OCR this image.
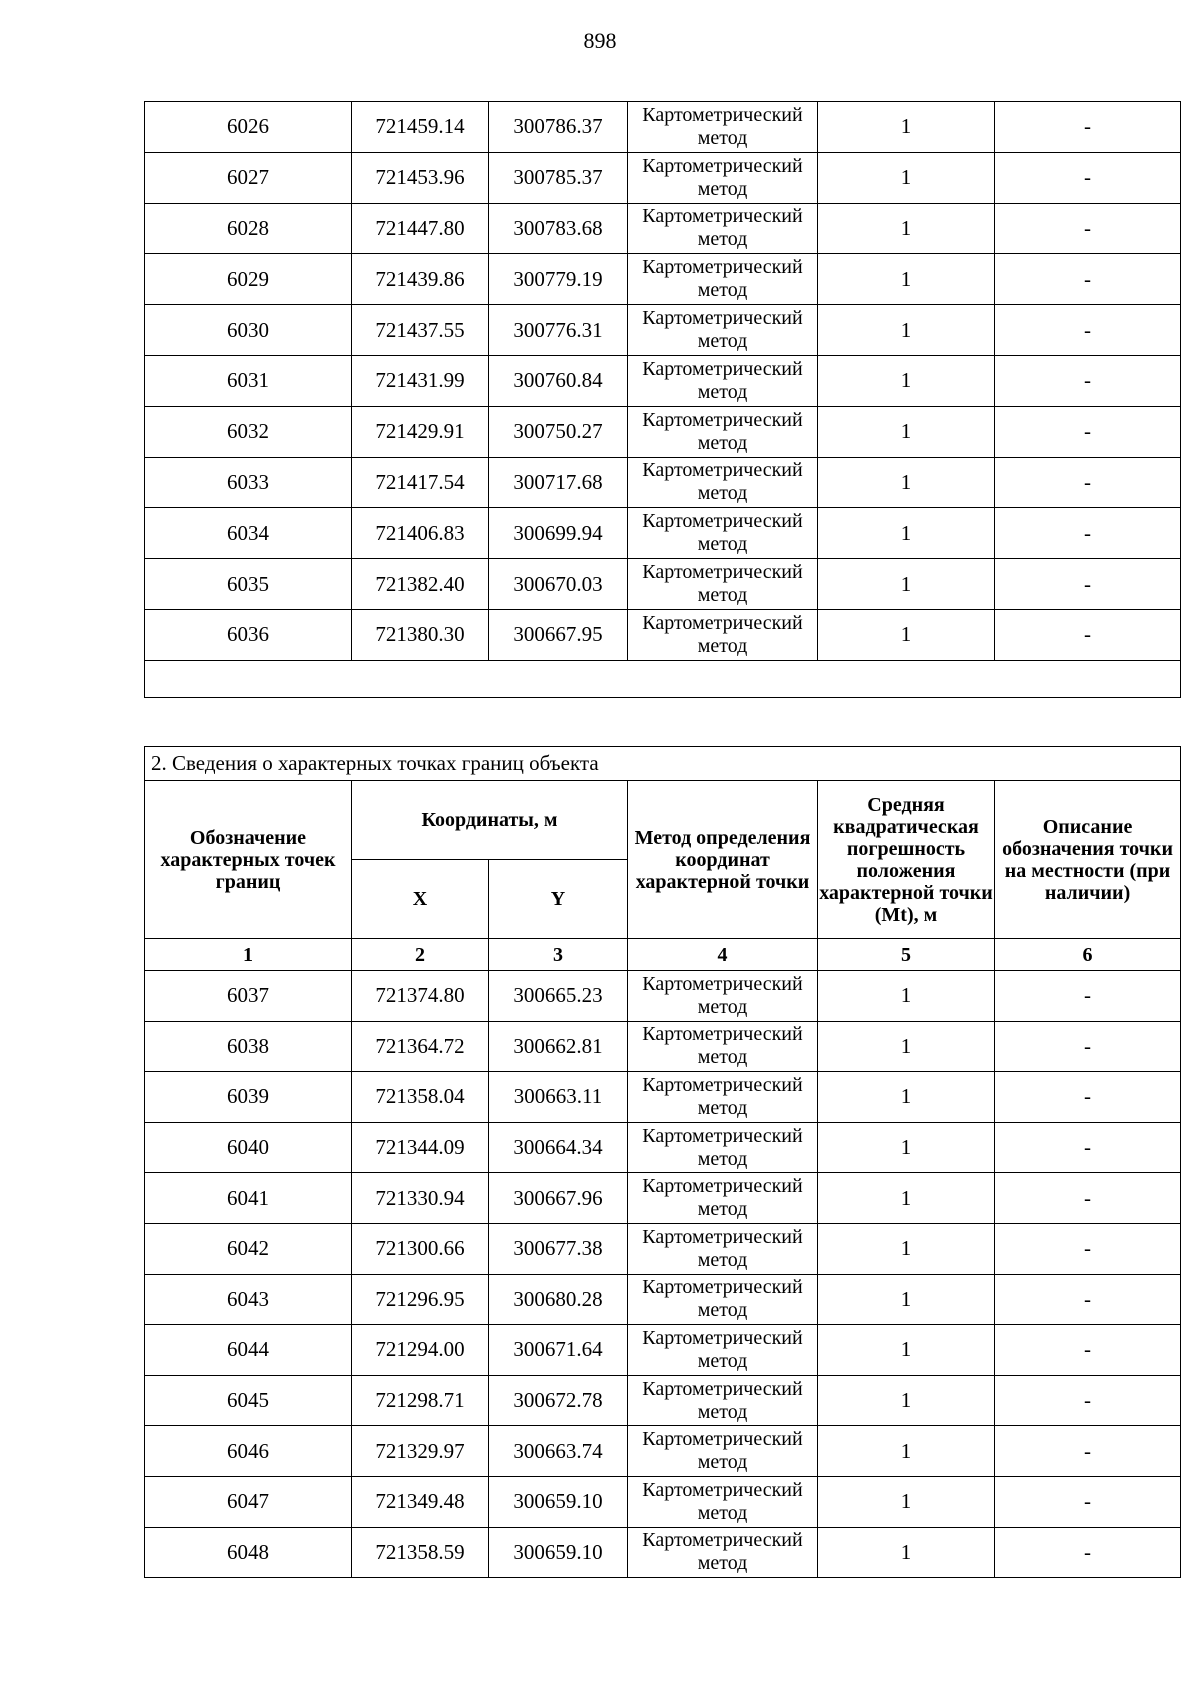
898
6026	721459.14	300786.37	Картометрический метод	1	-
6027	721453.96	300785.37	Картометрический метод	1	-
6028	721447.80	300783.68	Картометрический метод	1	-
6029	721439.86	300779.19	Картометрический метод	1	-
6030	721437.55	300776.31	Картометрический метод	1	-
6031	721431.99	300760.84	Картометрический метод	1	-
6032	721429.91	300750.27	Картометрический метод	1	-
6033	721417.54	300717.68	Картометрический метод	1	-
6034	721406.83	300699.94	Картометрический метод	1	-
6035	721382.40	300670.03	Картометрический метод	1	-
6036	721380.30	300667.95	Картометрический метод	1	-

2. Сведения о характерных точках границ объекта					
Обозначение характерных точек границ	Координаты, м		Метод определения координат характерной точки	Средняя квадратическая погрешность положения характерной точки (Mt), м	Описание обозначения точки на местности (при наличии)
	X	Y			
1	2	3	4	5	6
6037	721374.80	300665.23	Картометрический метод	1	-
6038	721364.72	300662.81	Картометрический метод	1	-
6039	721358.04	300663.11	Картометрический метод	1	-
6040	721344.09	300664.34	Картометрический метод	1	-
6041	721330.94	300667.96	Картометрический метод	1	-
6042	721300.66	300677.38	Картометрический метод	1	-
6043	721296.95	300680.28	Картометрический метод	1	-
6044	721294.00	300671.64	Картометрический метод	1	-
6045	721298.71	300672.78	Картометрический метод	1	-
6046	721329.97	300663.74	Картометрический метод	1	-
6047	721349.48	300659.10	Картометрический метод	1	-
6048	721358.59	300659.10	Картометрический метод	1	-
